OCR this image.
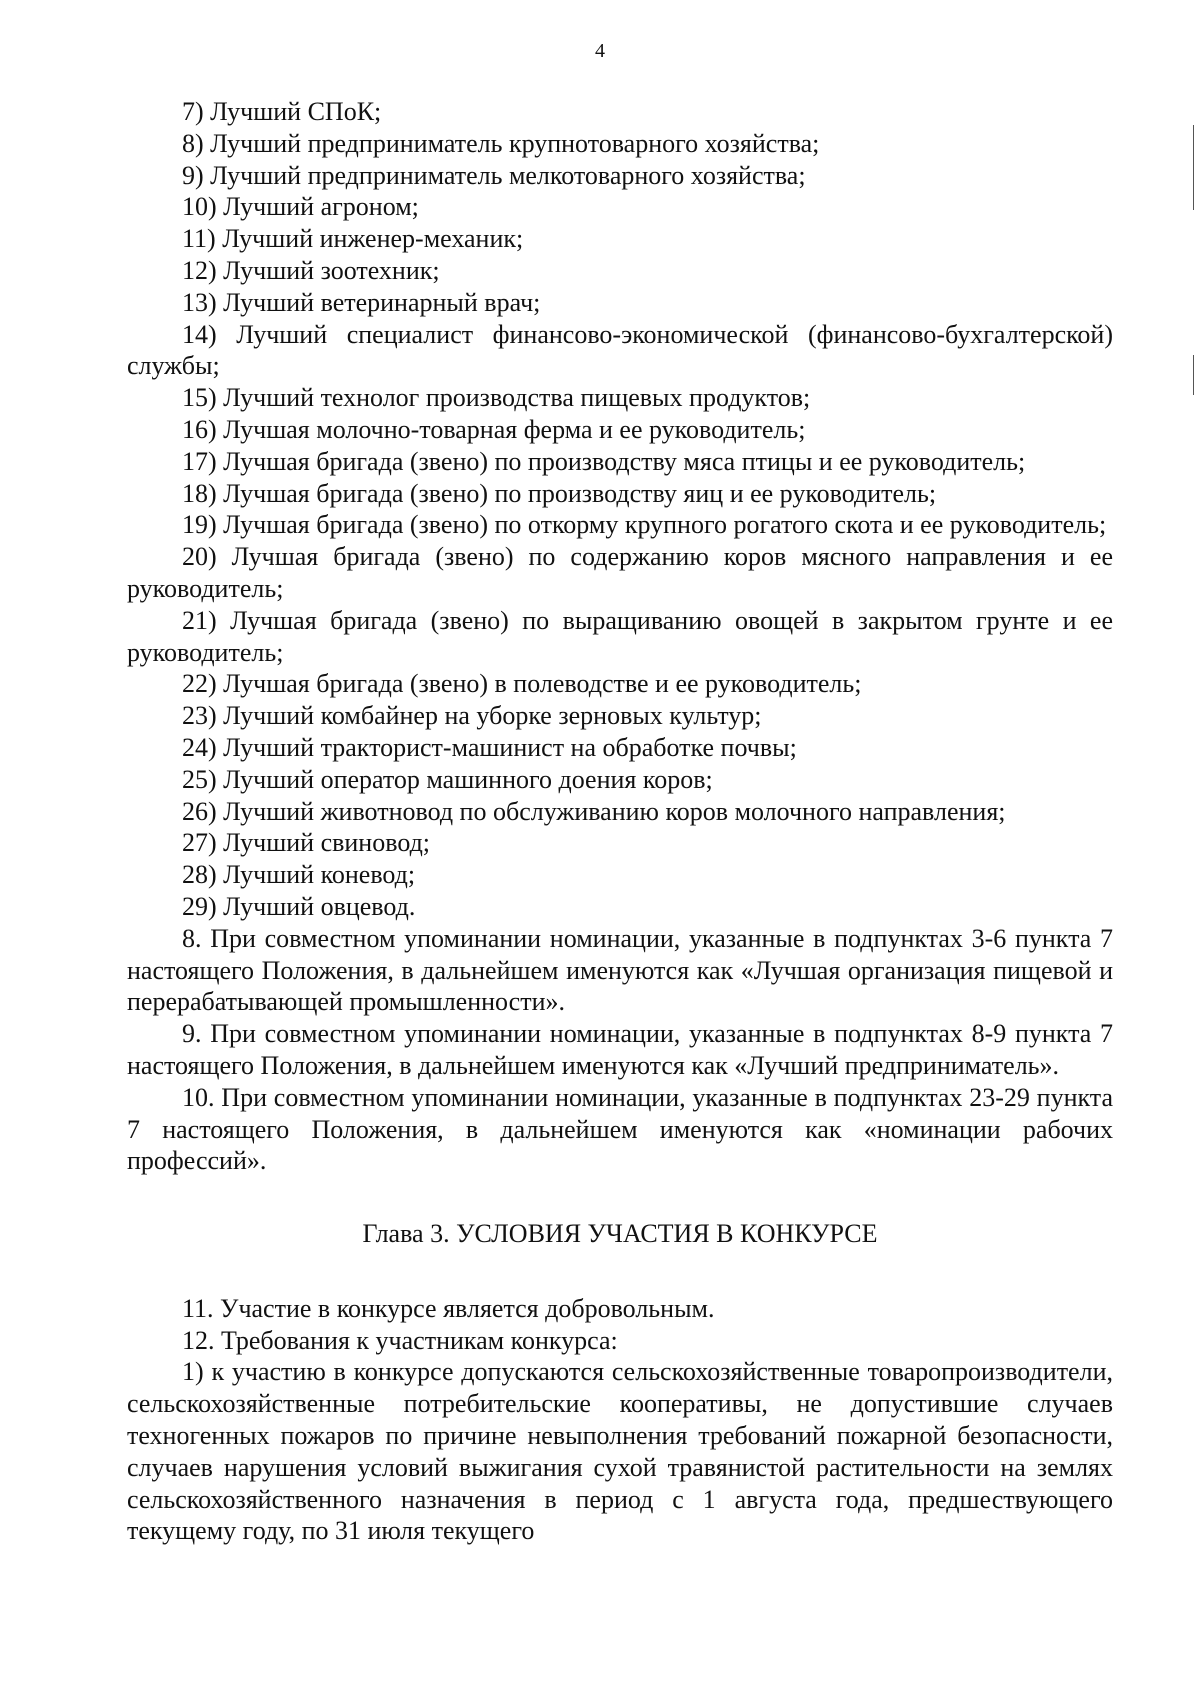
4

7) Лучший СПоК;

8) Лучший предприниматель крупнотоварного хозяйства;

9) Лучший предприниматель мелкотоварного хозяйства;

10) Лучший агроном;

11) Лучший инженер-механик;

12) Лучший зоотехник;

13) Лучший ветеринарный врач;

14) Лучший специалист финансово-экономической (финансово-бухгалтерской) службы;

15) Лучший технолог производства пищевых продуктов;

16) Лучшая молочно-товарная ферма и ее руководитель;

17) Лучшая бригада (звено) по производству мяса птицы и ее руководитель;

18) Лучшая бригада (звено) по производству яиц и ее руководитель;

19) Лучшая бригада (звено) по откорму крупного рогатого скота и ее руководитель;

20) Лучшая бригада (звено) по содержанию коров мясного направления и ее руководитель;

21) Лучшая бригада (звено) по выращиванию овощей в закрытом грунте и ее руководитель;

22) Лучшая бригада (звено) в полеводстве и ее руководитель;

23) Лучший комбайнер на уборке зерновых культур;

24) Лучший тракторист-машинист на обработке почвы;

25) Лучший оператор машинного доения коров;

26) Лучший животновод по обслуживанию коров молочного направления;

27) Лучший свиновод;

28) Лучший коневод;

29) Лучший овцевод.

8. При совместном упоминании номинации, указанные в подпунктах 3-6 пункта 7 настоящего Положения, в дальнейшем именуются как «Лучшая организация пищевой и перерабатывающей промышленности».

9. При совместном упоминании номинации, указанные в подпунктах 8-9 пункта 7 настоящего Положения, в дальнейшем именуются как «Лучший предприниматель».

10. При совместном упоминании номинации, указанные в подпунктах 23-29 пункта 7 настоящего Положения, в дальнейшем именуются как «номинации рабочих профессий».

Глава 3. УСЛОВИЯ УЧАСТИЯ В КОНКУРСЕ

11. Участие в конкурсе является добровольным.

12. Требования к участникам конкурса:

1) к участию в конкурсе допускаются сельскохозяйственные товаропроизводители, сельскохозяйственные потребительские кооперативы, не допустившие случаев техногенных пожаров по причине невыполнения требований пожарной безопасности, случаев нарушения условий выжигания сухой травянистой растительности на землях сельскохозяйственного назначения в период с 1 августа года, предшествующего текущему году, по 31 июля текущего
